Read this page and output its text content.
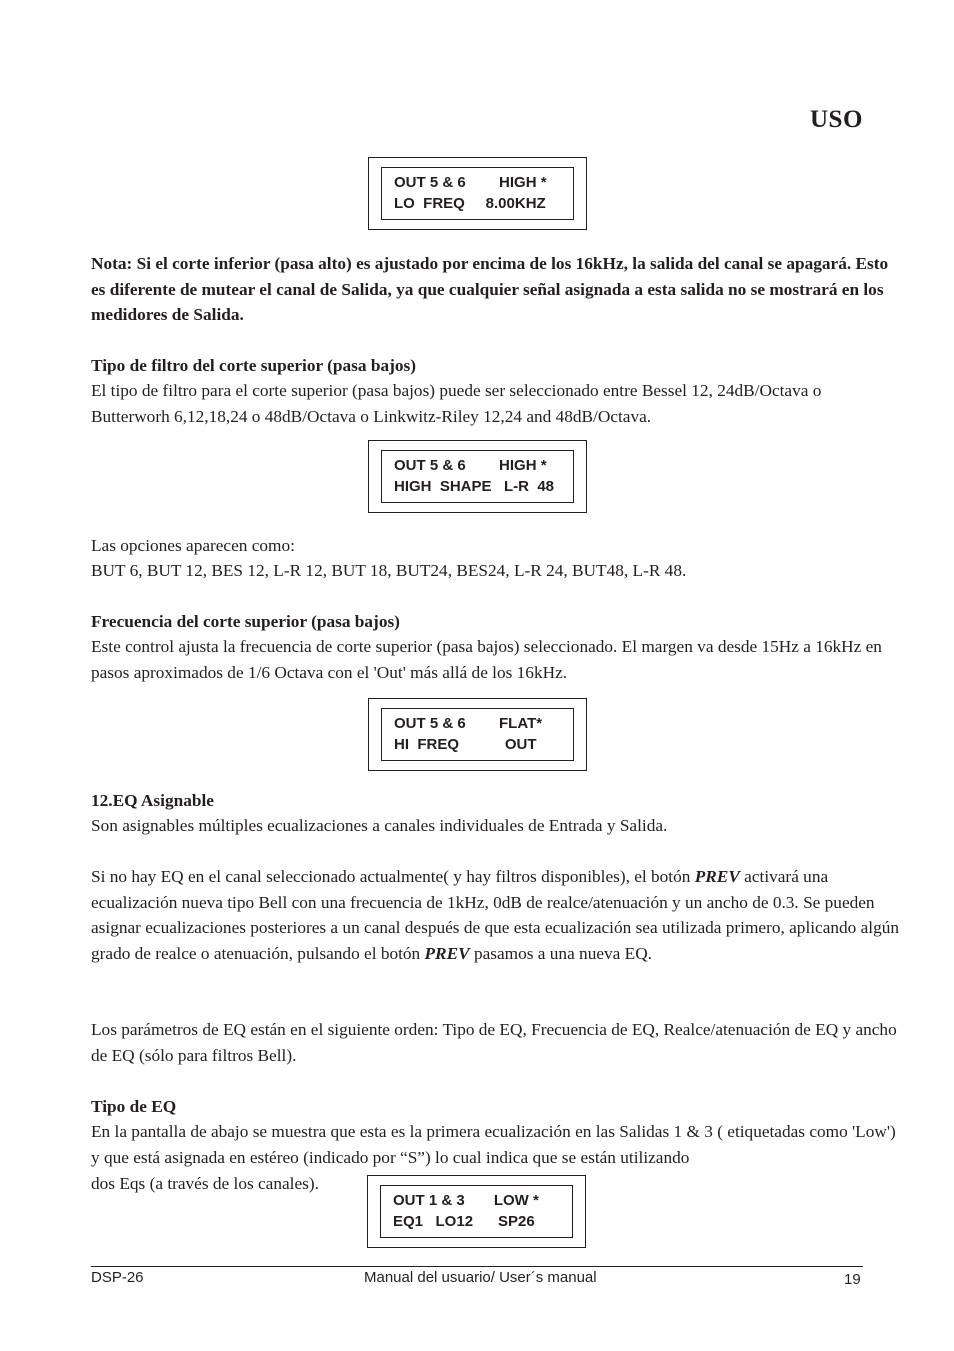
USO
OUT 5 & 6        HIGH *
LO  FREQ     8.00KHZ

Nota: Si el corte inferior (pasa alto) es ajustado por encima de los 16kHz, la salida del canal se apagará. Esto es diferente de mutear el canal de Salida, ya que cualquier señal asignada a esta salida no se mostrará en los medidores de Salida.

Tipo de filtro del corte superior (pasa bajos)

El tipo de filtro para el corte superior (pasa bajos) puede ser seleccionado entre Bessel 12, 24dB/Octava o Butterworh 6,12,18,24 o 48dB/Octava o Linkwitz-Riley 12,24 and 48dB/Octava.

OUT 5 & 6        HIGH *
HIGH  SHAPE   L-R  48
Las opciones aparecen como:
BUT 6, BUT 12, BES 12, L-R 12, BUT 18, BUT24, BES24, L-R 24, BUT48, L-R 48.
Frecuencia del corte superior (pasa bajos)

Este control ajusta la frecuencia de corte superior (pasa bajos) seleccionado. El margen va desde 15Hz a 16kHz en pasos aproximados de 1/6 Octava con el 'Out' más allá de los 16kHz.

OUT 5 & 6        FLAT*
HI  FREQ           OUT
12.EQ Asignable
Son asignables múltiples ecualizaciones a canales individuales de Entrada y Salida.

Si no hay EQ en el canal seleccionado actualmente( y hay filtros disponibles), el botón PREV activará una ecualización nueva tipo Bell con una frecuencia de 1kHz, 0dB de realce/atenuación y un ancho de 0.3. Se pueden asignar ecualizaciones posteriores a un canal después de que esta ecualización sea utilizada primero, aplicando algún grado de realce o atenuación, pulsando el botón PREV pasamos a una nueva EQ.

Los parámetros de EQ están en el siguiente orden: Tipo de EQ, Frecuencia de EQ, Realce/atenuación de EQ y ancho de EQ (sólo para filtros Bell).

Tipo de EQ

En la pantalla de abajo se muestra que esta es la primera ecualización en las Salidas 1 & 3 ( etiquetadas como 'Low') y que está asignada en estéreo (indicado por “S”) lo cual indica que se están utilizando

dos Eqs (a través de los canales).
OUT 1 & 3       LOW *
EQ1   LO12      SP26
DSP-26	Manual del usuario/ User´s manual	19
